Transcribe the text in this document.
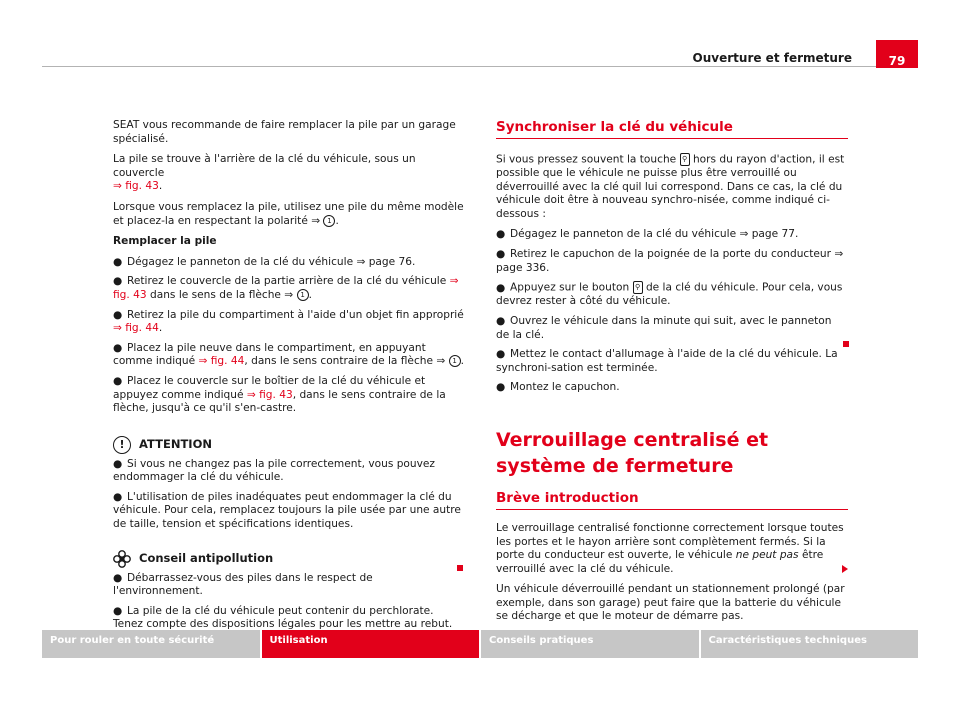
Ouverture et fermeture	79

SEAT vous recommande de faire remplacer la pile par un garage spécialisé.

La pile se trouve à l'arrière de la clé du véhicule, sous un couvercle
⇒ fig. 43.

Lorsque vous remplacez la pile, utilisez une pile du même modèle et placez-la en respectant la polarité ⇒ 1 .

Remplacer la pile

● Dégagez le panneton de la clé du véhicule ⇒ page 76.
● Retirez le couvercle de la partie arrière de la clé du véhicule ⇒ fig. 43 dans le sens de la flèche ⇒ 1 .
● Retirez la pile du compartiment à l'aide d'un objet fin approprié
⇒ fig. 44.
● Placez la pile neuve dans le compartiment, en appuyant comme indiqué ⇒ fig. 44, dans le sens contraire de la flèche ⇒ 1 .
● Placez le couvercle sur le boîtier de la clé du véhicule et appuyez comme indiqué ⇒ fig. 43, dans le sens contraire de la flèche, jusqu'à ce qu'il s'en-castre.
! ATTENTION
● Si vous ne changez pas la pile correctement, vous pouvez endommager la clé du véhicule.
● L'utilisation de piles inadéquates peut endommager la clé du véhicule. Pour cela, remplacez toujours la pile usée par une autre de taille, tension et spécifications identiques.
Conseil antipollution
● Débarrassez-vous des piles dans le respect de l'environnement.
● La pile de la clé du véhicule peut contenir du perchlorate. Tenez compte des dispositions légales pour les mettre au rebut.
Synchroniser la clé du véhicule

Si vous pressez souvent la touche ⚲ hors du rayon d'action, il est possible que le véhicule ne puisse plus être verrouillé ou déverrouillé avec la clé quil lui correspond. Dans ce cas, la clé du véhicule doit être à nouveau synchro-nisée, comme indiqué ci-dessous :

● Dégagez le panneton de la clé du véhicule ⇒ page 77.
● Retirez le capuchon de la poignée de la porte du conducteur ⇒ page 336.
● Appuyez sur le bouton ⚲ de la clé du véhicule. Pour cela, vous devrez rester à côté du véhicule.
● Ouvrez le véhicule dans la minute qui suit, avec le panneton de la clé.
● Mettez le contact d'allumage à l'aide de la clé du véhicule. La synchroni-sation est terminée.
● Montez le capuchon.
Verrouillage centralisé et système de fermeture
Brève introduction

Le verrouillage centralisé fonctionne correctement lorsque toutes les portes et le hayon arrière sont complètement fermés. Si la porte du conducteur est ouverte, le véhicule ne peut pas être verrouillé avec la clé du véhicule.

Un véhicule déverrouillé pendant un stationnement prolongé (par exemple, dans son garage) peut faire que la batterie du véhicule se décharge et que le moteur de démarre pas.

Pour rouler en toute sécurité	Utilisation	Conseils pratiques	Caractéristiques techniques
